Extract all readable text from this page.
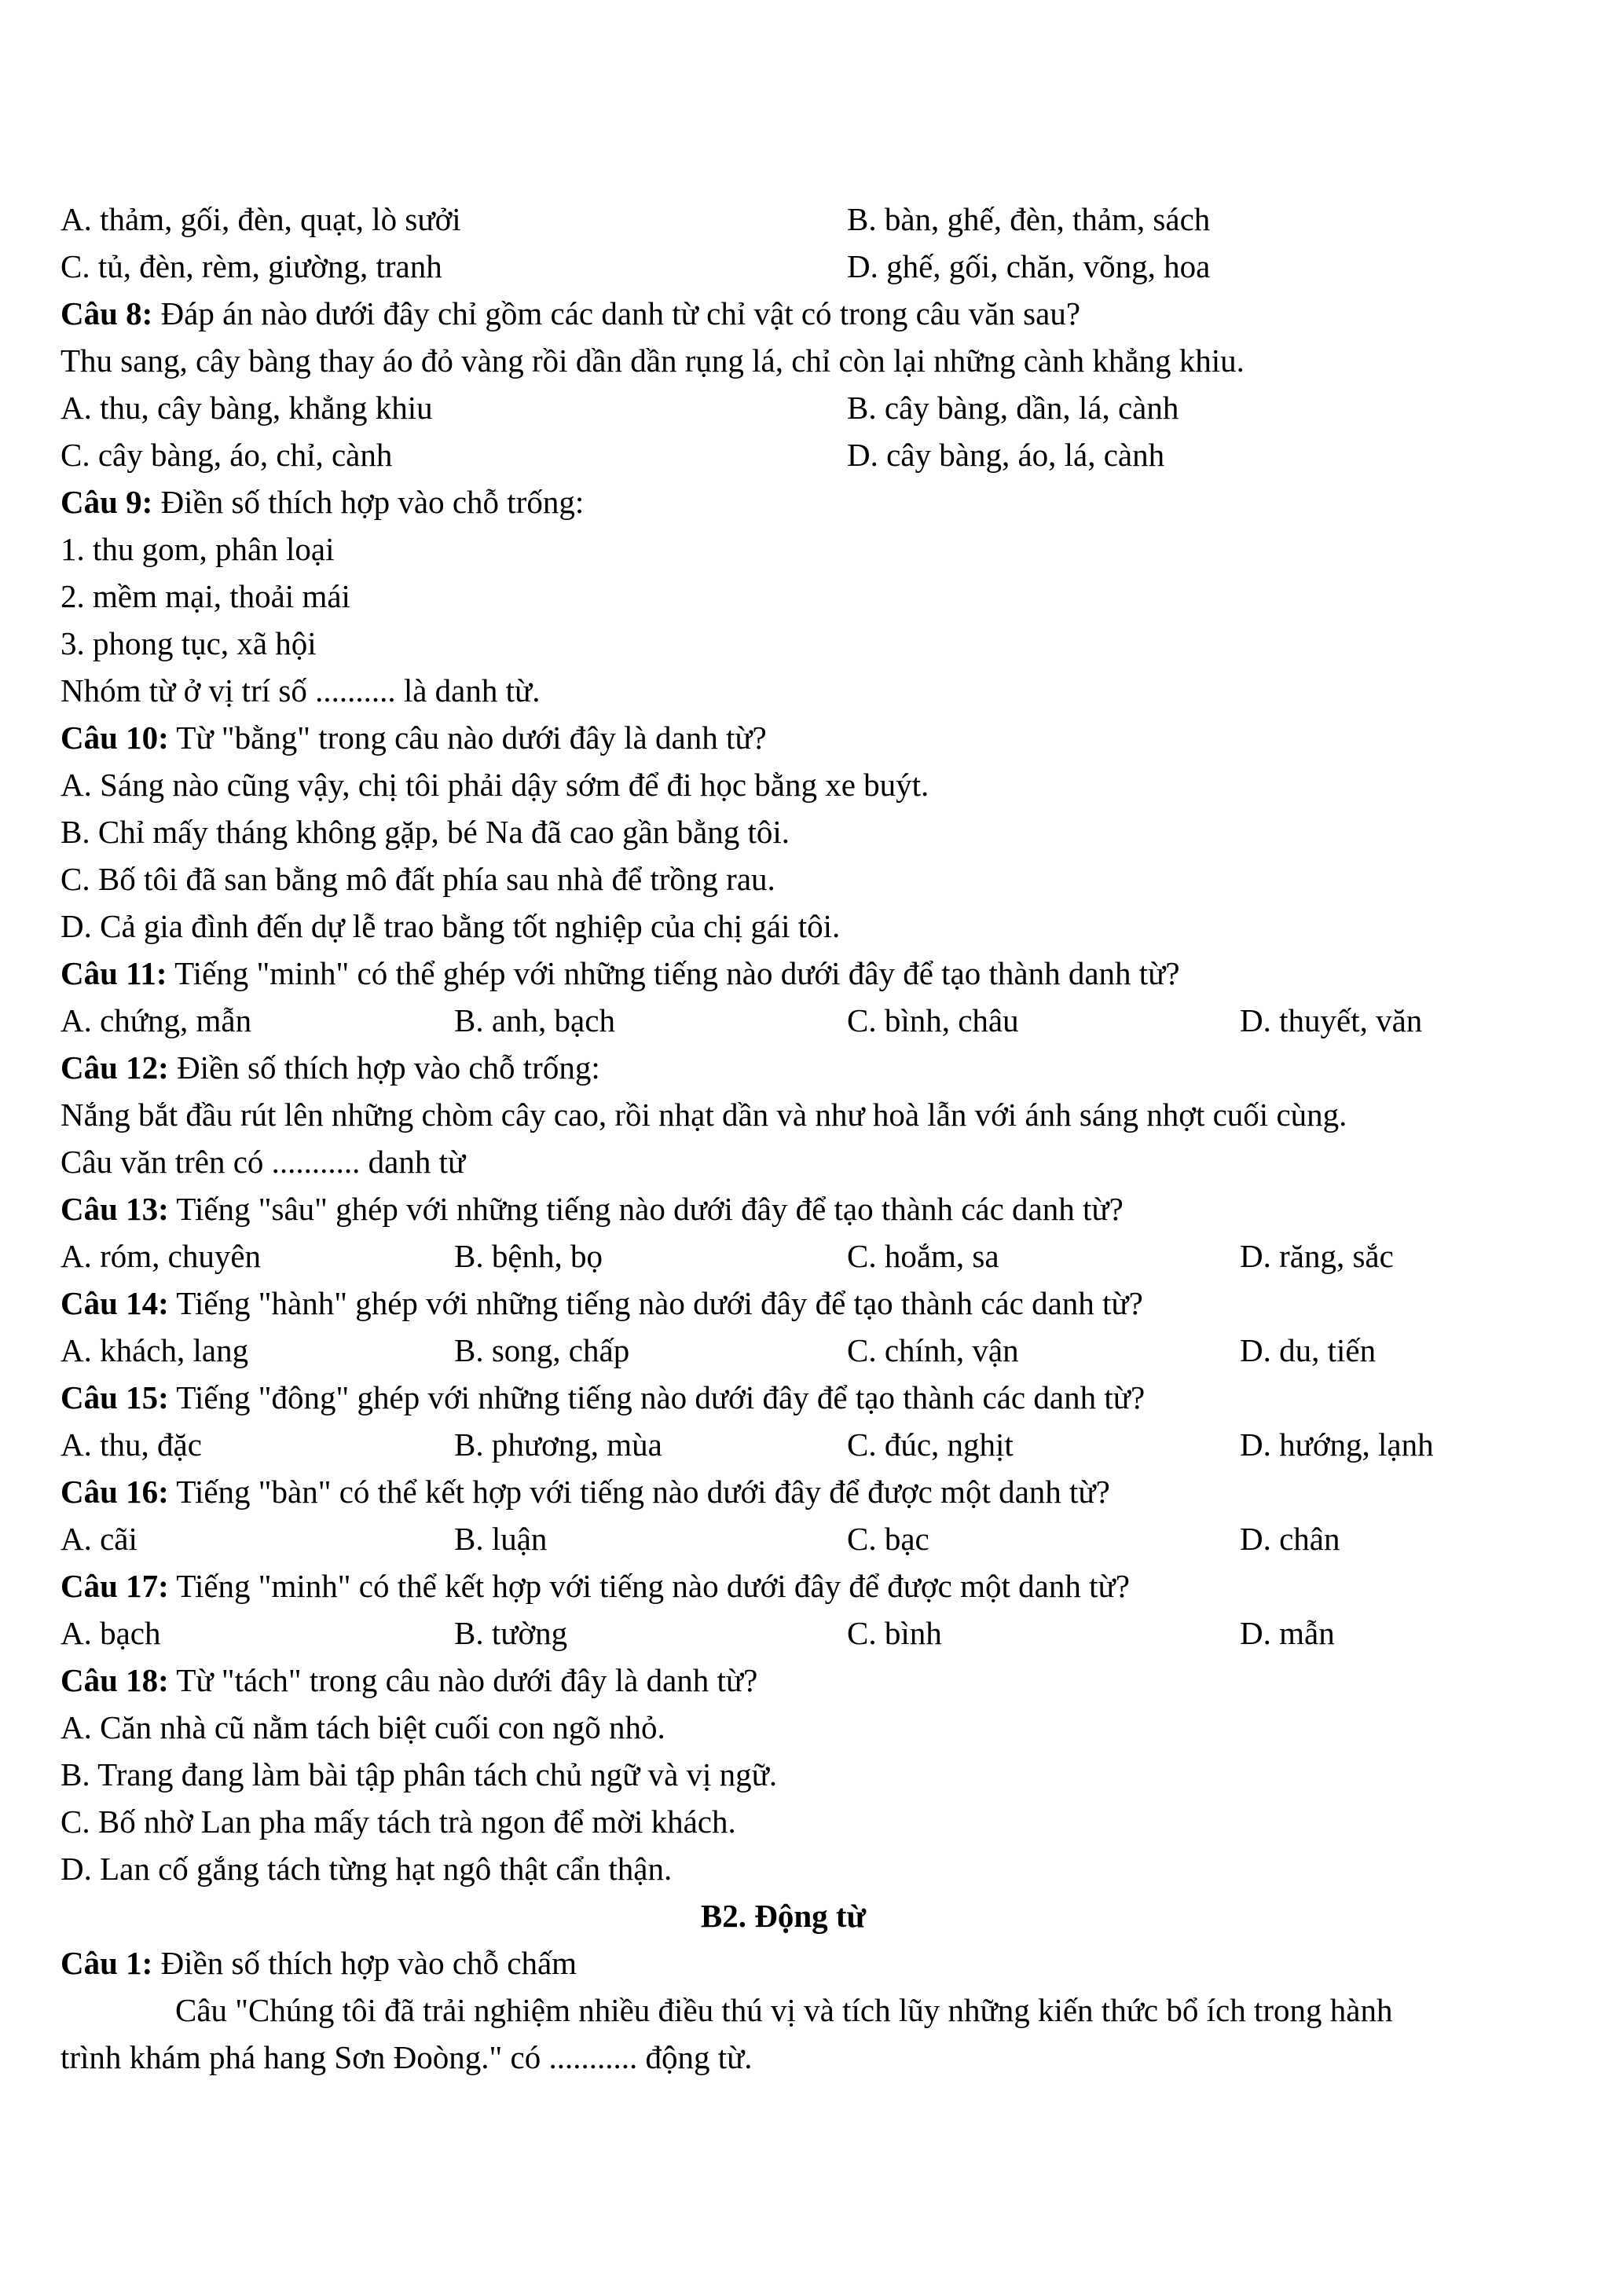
A. thảm, gối, đèn, quạt, lò sưởi	B. bàn, ghế, đèn, thảm, sách
C. tủ, đèn, rèm, giường, tranh	D. ghế, gối, chăn, võng, hoa
Câu 8: Đáp án nào dưới đây chỉ gồm các danh từ chỉ vật có trong câu văn sau?
Thu sang, cây bàng thay áo đỏ vàng rồi dần dần rụng lá, chỉ còn lại những cành khẳng khiu.
A. thu, cây bàng, khẳng khiu	B. cây bàng, dần, lá, cành
C. cây bàng, áo, chỉ, cành	D. cây bàng, áo, lá, cành
Câu 9: Điền số thích hợp vào chỗ trống:
1. thu gom, phân loại
2. mềm mại, thoải mái
3. phong tục, xã hội
Nhóm từ ở vị trí số .......... là danh từ.
Câu 10: Từ "bằng" trong câu nào dưới đây là danh từ?
A. Sáng nào cũng vậy, chị tôi phải dậy sớm để đi học bằng xe buýt.
B. Chỉ mấy tháng không gặp, bé Na đã cao gần bằng tôi.
C. Bố tôi đã san bằng mô đất phía sau nhà để trồng rau.
D. Cả gia đình đến dự lễ trao bằng tốt nghiệp của chị gái tôi.
Câu 11: Tiếng "minh" có thể ghép với những tiếng nào dưới đây để tạo thành danh từ?
A. chứng, mẫn	B. anh, bạch	C. bình, châu	D. thuyết, văn
Câu 12: Điền số thích hợp vào chỗ trống:
Nắng bắt đầu rút lên những chòm cây cao, rồi nhạt dần và như hoà lẫn với ánh sáng nhợt cuối cùng.
Câu văn trên có ........... danh từ
Câu 13: Tiếng "sâu" ghép với những tiếng nào dưới đây để tạo thành các danh từ?
A. róm, chuyên	B. bệnh, bọ	C. hoắm, sa	D. răng, sắc
Câu 14: Tiếng "hành" ghép với những tiếng nào dưới đây để tạo thành các danh từ?
A. khách, lang	B. song, chấp	C. chính, vận	D. du, tiến
Câu 15: Tiếng "đông" ghép với những tiếng nào dưới đây để tạo thành các danh từ?
A. thu, đặc	B. phương, mùa	C. đúc, nghịt	D. hướng, lạnh
Câu 16: Tiếng "bàn" có thể kết hợp với tiếng nào dưới đây để được một danh từ?
A. cãi	B. luận	C. bạc	D. chân
Câu 17: Tiếng "minh" có thể kết hợp với tiếng nào dưới đây để được một danh từ?
A. bạch	B. tường	C. bình	D. mẫn
Câu 18: Từ "tách" trong câu nào dưới đây là danh từ?
A. Căn nhà cũ nằm tách biệt cuối con ngõ nhỏ.
B. Trang đang làm bài tập phân tách chủ ngữ và vị ngữ.
C. Bố nhờ Lan pha mấy tách trà ngon để mời khách.
D. Lan cố gắng tách từng hạt ngô thật cẩn thận.
B2. Động từ
Câu 1: Điền số thích hợp vào chỗ chấm
Câu "Chúng tôi đã trải nghiệm nhiều điều thú vị và tích lũy những kiến thức bổ ích trong hành
trình khám phá hang Sơn Đoòng." có ........... động từ.
